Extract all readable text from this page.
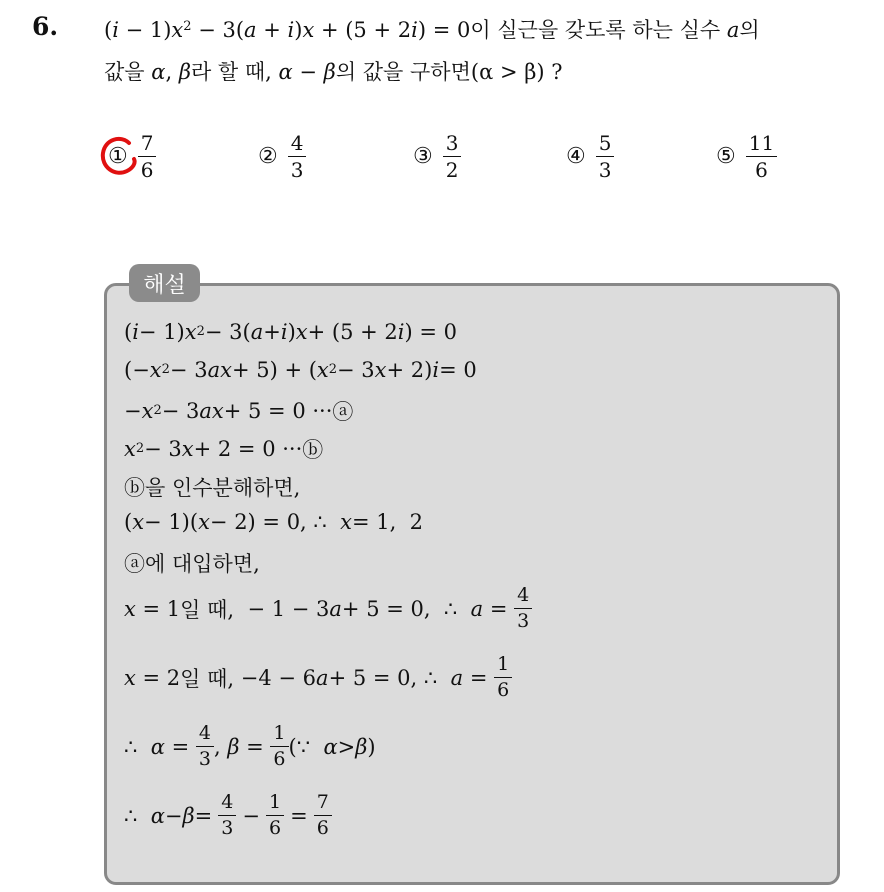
6. $(i - 1)x^2 - 3(a + i)x + (5 + 2i) = 0$이 실근을 갖도록 하는 실수 a의
값을 α, β라 할 때, α − β의 값을 구하면(α > β) ?
① $\frac{7}{6}$	② $\frac{4}{3}$	③ $\frac{3}{2}$	④ $\frac{5}{3}$	⑤ $\frac{11}{6}$
해설
( i − 1) x 2 − 3( a + i ) x + (5 + 2 i ) = 0
(− x 2 − 3 ax + 5) + ( x 2 − 3 x + 2) i = 0
− x 2 − 3 ax + 5 = 0 ··· ⓐ
x 2 − 3 x + 2 = 0 ··· ⓑ
ⓑ 을 인수분해하면,
( x − 1)( x − 2) = 0, ∴
x = 1,  2
ⓐ 에 대입하면,
x = 1 일 때, − 1 − 3 a + 5 = 0, ∴
$a = \frac{4}{3}$
x = 2 일 때, −4 − 6 a + 5 = 0, ∴
$a = \frac{1}{6}$
∴
$\alpha = \frac{4}{3}$ , $\beta = \frac{1}{6}$ ( ∵
α > β )
∴
$\alpha - \beta = \frac{4}{3} - \frac{1}{6} = \frac{7}{6}$
